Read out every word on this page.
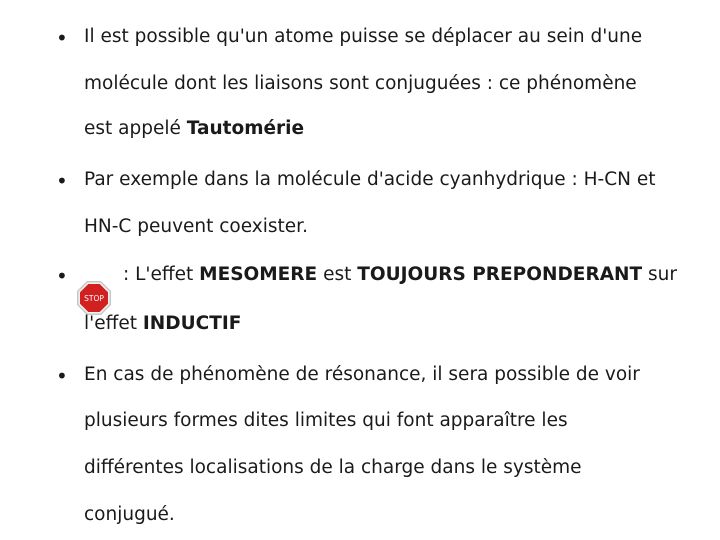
• Il est possible qu'un atome puisse se déplacer au sein d'une
molécule dont les liaisons sont conjuguées : ce phénomène
est appelé Tautomérie
• Par exemple dans la molécule d'acide cyanhydrique : H-CN et
HN-C peuvent coexister.
•
STOP
: L'effet MESOMERE est TOUJOURS PREPONDERANT sur
l'effet INDUCTIF
• En cas de phénomène de résonance, il sera possible de voir
plusieurs formes dites limites qui font apparaître les
différentes localisations de la charge dans le système
conjugué.
